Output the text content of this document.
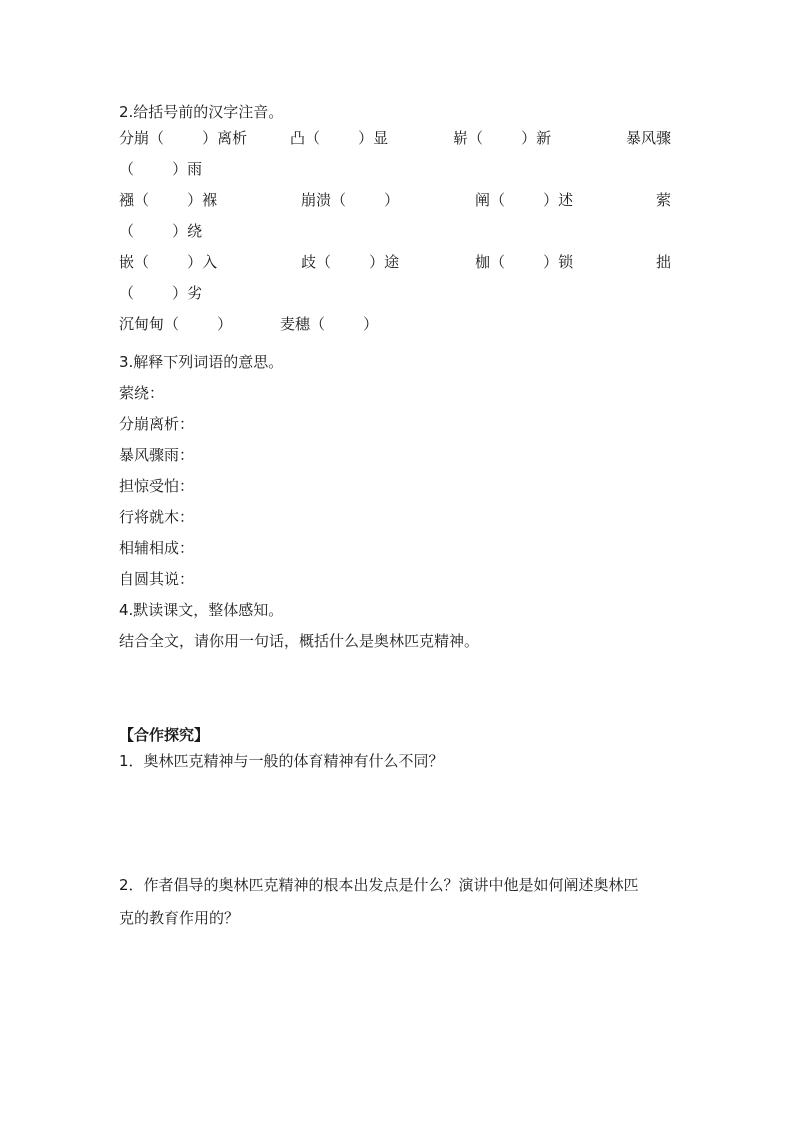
2.给括号前的汉字注音。
分崩（        ）离析	凸（        ）显	崭（        ）新	暴风骤
（        ）雨
襁（        ）褓	崩溃（        ）	阐（        ）述	萦
（        ）绕
嵌（        ）入	歧（        ）途	枷（        ）锁	拙
（        ）劣
沉甸甸（        ）	麦穗（        ）
3.解释下列词语的意思。
萦绕：
分崩离析：
暴风骤雨：
担惊受怕：
行将就木：
相辅相成：
自圆其说：
4.默读课文，整体感知。
结合全文，请你用一句话，概括什么是奥林匹克精神。
【合作探究】
1．奥林匹克精神与一般的体育精神有什么不同？
2．作者倡导的奥林匹克精神的根本出发点是什么？演讲中他是如何阐述奥林匹
克的教育作用的？
